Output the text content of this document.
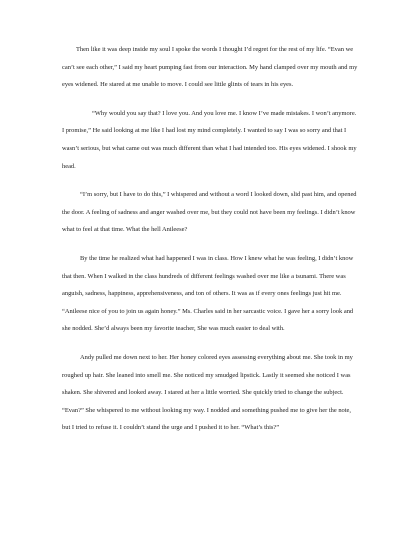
Then like it was deep inside my soul I spoke the words I thought I’d regret for the rest of my life. “Evan we can’t see each other,” I said my heart pumping fast from our interaction. My hand clamped over my mouth and my eyes widened. He stared at me unable to move. I could see little glints of tears in his eyes.

“Why would you say that? I love you. And you love me. I know I’ve made mistakes. I won’t anymore. I promise,” He said looking at me like I had lost my mind completely. I wanted to say I was so sorry and that I wasn’t serious, but what came out was much different than what I had intended too. His eyes widened. I shook my head.

“I’m sorry, but I have to do this,” I whispered and without a word I looked down, slid past him, and opened the door. A feeling of sadness and anger washed over me, but they could not have been my feelings. I didn’t know what to feel at that time. What the hell Anileese?

By the time he realized what had happened I was in class. How I knew what he was feeling, I didn’t know that then. When I walked in the class hundreds of different feelings washed over me like a tsunami. There was anguish, sadness, happiness, apprehensiveness, and ton of others. It was as if every ones feelings just hit me. “Anileese nice of you to join us again honey.” Ms. Charles said in her sarcastic voice. I gave her a sorry look and she nodded. She’d always been my favorite teacher, She was much easier to deal with.

Andy pulled me down next to her. Her honey colored eyes assessing everything about me. She took in my roughed up hair. She leaned into smell me. She noticed my smudged lipstick. Lastly it seemed she noticed I was shaken. She shivered and looked away. I stared at her a little worried. She quickly tried to change the subject. “Evan?” She whispered to me without looking my way. I nodded and something pushed me to give her the note, but I tried to refuse it. I couldn’t stand the urge and I pushed it to her. “What’s this?”
